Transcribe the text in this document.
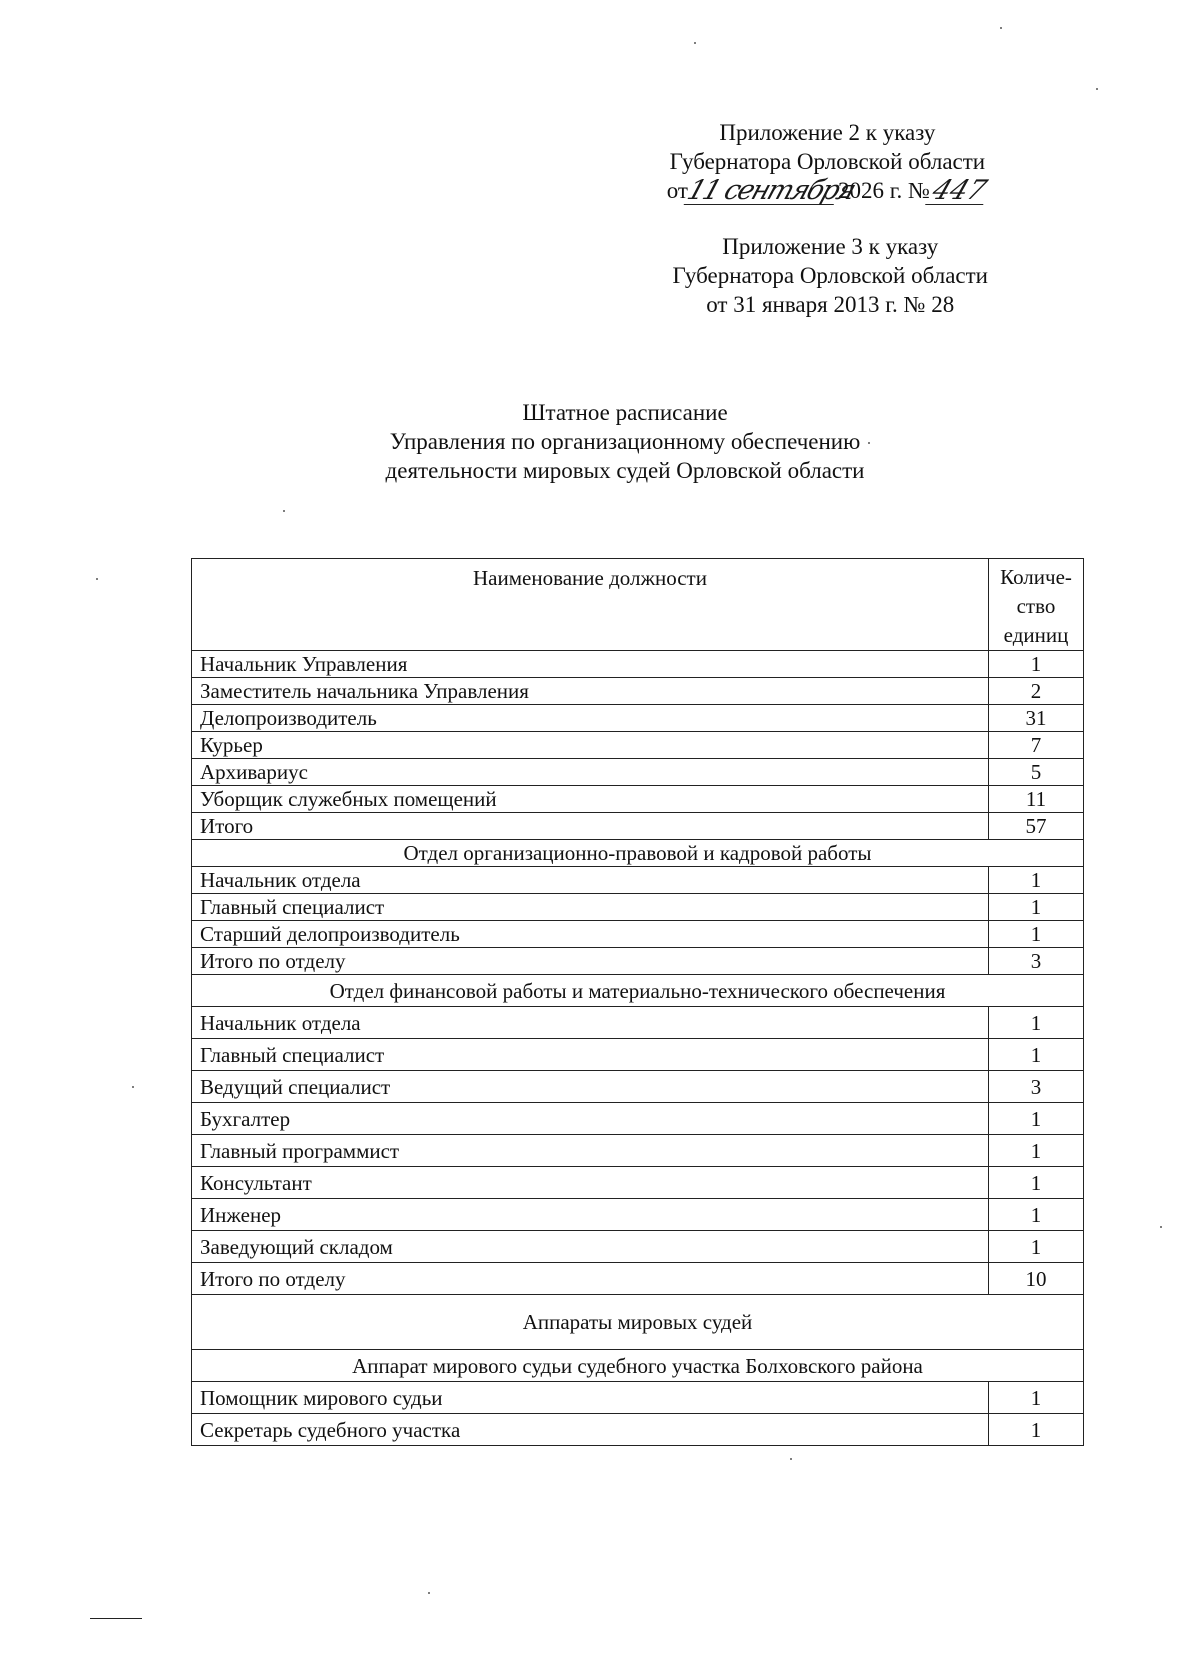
Приложение 2 к указу
Губернатора Орловской области
от
11 сентября
2026 г. №
447
Приложение 3 к указу
Губернатора Орловской области
от 31 января 2013 г. № 28
Штатное расписание
Управления по организационному обеспечению
деятельности мировых судей Орловской области
Наименование должности	Количе-
ство
единиц

Начальник Управления	1
Заместитель начальника Управления	2
Делопроизводитель	31
Курьер	7
Архивариус	5
Уборщик служебных помещений	11
Итого	57
Отдел организационно-правовой и кадровой работы	
Начальник отдела	1
Главный специалист	1
Старший делопроизводитель	1
Итого по отделу	3
Отдел финансовой работы и материально-технического обеспечения	
Начальник отдела	1
Главный специалист	1
Ведущий специалист	3
Бухгалтер	1
Главный программист	1
Консультант	1
Инженер	1
Заведующий складом	1
Итого по отделу	10
Аппараты мировых судей	
Аппарат мирового судьи судебного участка Болховского района	
Помощник мирового судьи	1
Секретарь судебного участка	1
